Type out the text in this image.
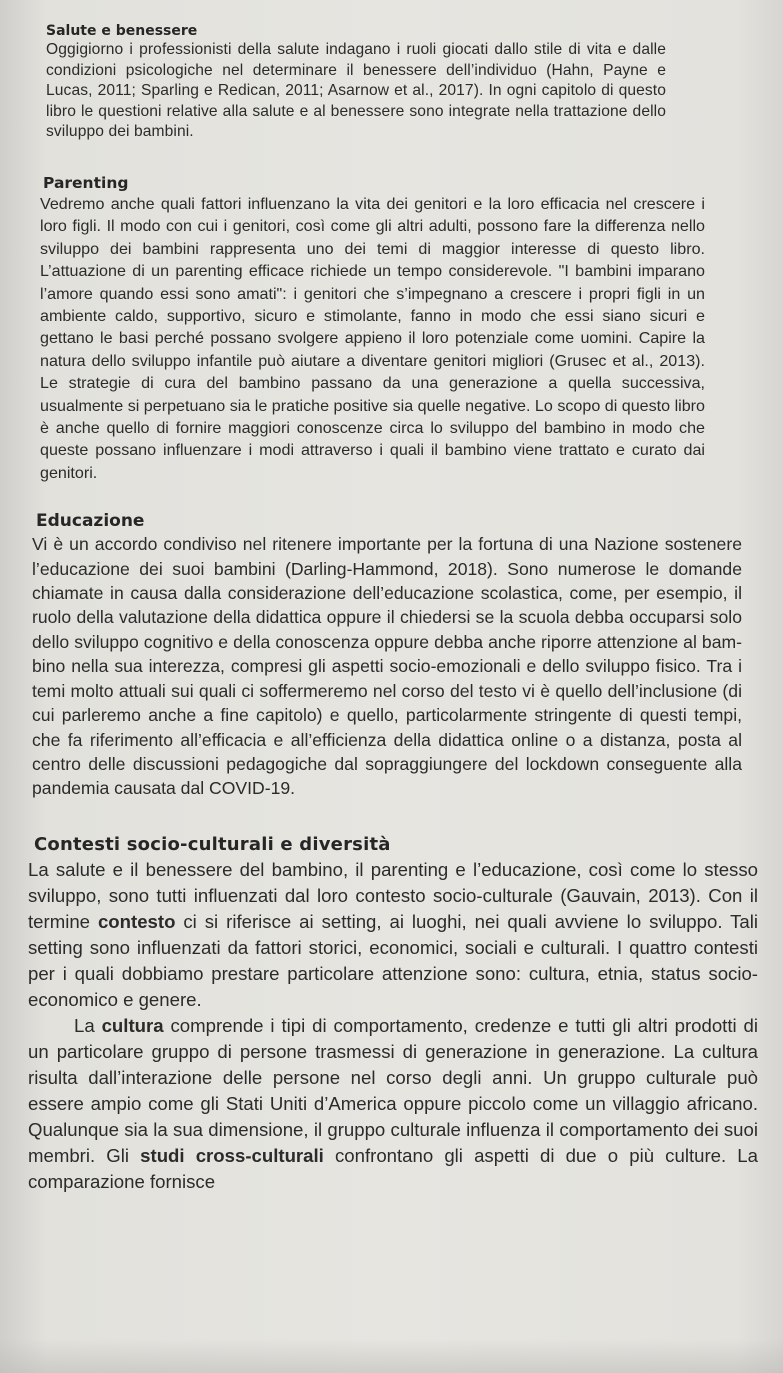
Salute e benessere

Oggigiorno i professionisti della salute indagano i ruoli giocati dallo stile di vita e dalle condizioni psicologiche nel determinare il benessere dell’individuo (Hahn, Payne e Lucas, 2011; Sparling e Redican, 2011; Asarnow et al., 2017). In ogni capitolo di questo libro le questioni relative alla salute e al benessere sono integrate nella trattazione dello sviluppo dei bambini.

Parenting

Vedremo anche quali fattori influenzano la vita dei genitori e la loro efficacia nel crescere i loro figli. Il modo con cui i genitori, così come gli altri adulti, possono fare la differenza nello sviluppo dei bambini rappresenta uno dei temi di maggior interesse di questo libro. L’attuazione di un parenting efficace richiede un tempo considerevole. "I bambini imparano l’amore quando essi sono amati": i genitori che s’impegnano a crescere i propri figli in un ambiente caldo, supportivo, sicuro e stimolante, fanno in modo che essi siano sicuri e gettano le basi perché possano svolgere appieno il loro potenziale come uomini. Capire la natura dello sviluppo infantile può aiutare a diventare genitori migliori (Grusec et al., 2013). Le strategie di cura del bambino passano da una generazione a quella successiva, usualmente si perpetuano sia le pratiche positive sia quelle negative. Lo scopo di questo libro è anche quello di fornire maggiori conoscenze circa lo sviluppo del bambino in modo che queste possano influenzare i modi attraverso i quali il bambino viene trattato e curato dai genitori.

Educazione

Vi è un accordo condiviso nel ritenere importante per la fortuna di una Nazione sostenere l’educazione dei suoi bambini (Darling-Hammond, 2018). Sono numerose le domande chiamate in causa dalla considerazione dell’educazione scolastica, come, per esempio, il ruolo della valutazione della didattica oppure il chiedersi se la scuola debba occuparsi solo dello sviluppo cognitivo e della conoscenza oppure debba anche riporre attenzione al bambino nella sua interezza, compresi gli aspetti socio-emozionali e dello sviluppo fisico. Tra i temi molto attuali sui quali ci soffermeremo nel corso del testo vi è quello dell’inclusione (di cui parleremo anche a fine capitolo) e quello, particolarmente stringente di questi tempi, che fa riferimento all’efficacia e all’efficienza della didattica online o a distanza, posta al centro delle discussioni pedagogiche dal sopraggiungere del lockdown conseguente alla pandemia causata dal COVID-19.

Contesti socio-culturali e diversità

La salute e il benessere del bambino, il parenting e l’educazione, così come lo stesso sviluppo, sono tutti influenzati dal loro contesto socio-culturale (Gauvain, 2013). Con il termine contesto ci si riferisce ai setting, ai luoghi, nei quali avviene lo sviluppo. Tali setting sono influenzati da fattori storici, economici, sociali e culturali. I quattro contesti per i quali dobbiamo prestare particolare attenzione sono: cultura, etnia, status socio-economico e genere.

La cultura comprende i tipi di comportamento, credenze e tutti gli altri prodotti di un particolare gruppo di persone trasmessi di generazione in generazione. La cultura risulta dall’interazione delle persone nel corso degli anni. Un gruppo culturale può essere ampio come gli Stati Uniti d’America oppure piccolo come un villaggio africano. Qualunque sia la sua dimensione, il gruppo culturale influenza il comportamento dei suoi membri. Gli studi cross-culturali confrontano gli aspetti di due o più culture. La comparazione fornisce
